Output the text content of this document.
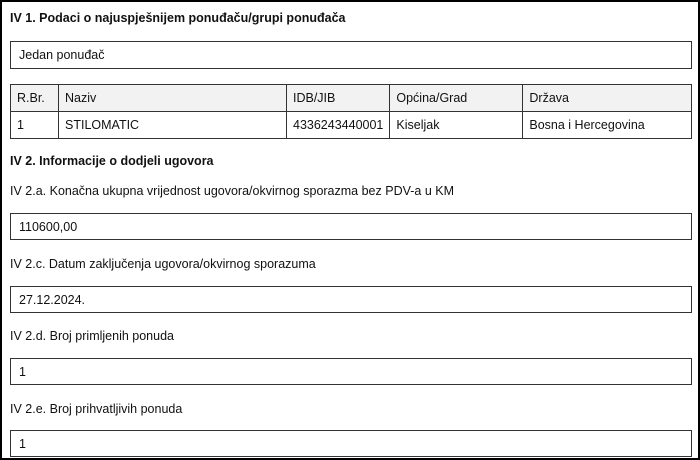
IV 1. Podaci o najuspješnijem ponuđaču/grupi ponuđača
Jedan ponuđač
R.Br.	Naziv	IDB/JIB	Općina/Grad	Država
1	STILOMATIC	4336243440001	Kiseljak	Bosna i Hercegovina
IV 2. Informacije o dodjeli ugovora
IV 2.a. Konačna ukupna vrijednost ugovora/okvirnog sporazma bez PDV-a u KM
110600,00
IV 2.c. Datum zaključenja ugovora/okvirnog sporazuma
27.12.2024.
IV 2.d. Broj primljenih ponuda
1
IV 2.e. Broj prihvatljivih ponuda
1
